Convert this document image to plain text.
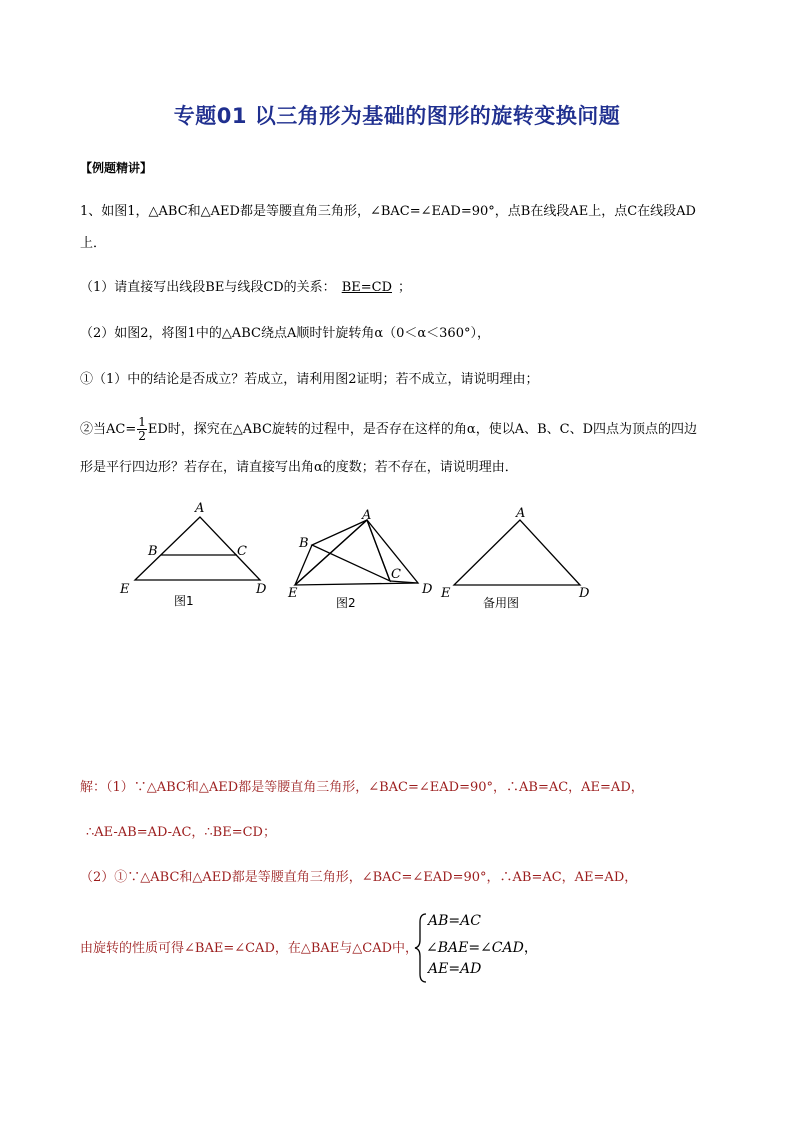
专题01 以三角形为基础的图形的旋转变换问题
【例题精讲】
1、如图1，△ABC和△AED都是等腰直角三角形，∠BAC=∠EAD=90°，点B在线段AE上，点C在线段AD
上．
（1）请直接写出线段BE与线段CD的关系： BE=CD ；
（2）如图2，将图1中的△ABC绕点A顺时针旋转角α（0＜α＜360°），
①（1）中的结论是否成立？若成立，请利用图2证明；若不成立，请说明理由；
②当$AC= \frac{1}{2}$ ED时，探究在△ABC旋转的过程中，是否存在这样的角α，使以A、B、C、D四点为顶点的四边
形是平行四边形？若存在，请直接写出角α的度数；若不存在，请说明理由．
A
B	C
E	D
图1
A
B
C
E	D
图2
A
E	D
备用图
解：（1）∵△ABC和△AED都是等腰直角三角形，∠BAC=∠EAD=90°，∴AB=AC，AE=AD，
∴AE-AB=AD-AC，∴BE=CD；
（2）①∵△ABC和△AED都是等腰直角三角形，∠BAC=∠EAD=90°，∴AB=AC，AE=AD，
由旋转的性质可得∠BAE=∠CAD，在△BAE与△CAD中，
AB=AC
∠BAE=∠CAD，
AE=AD
